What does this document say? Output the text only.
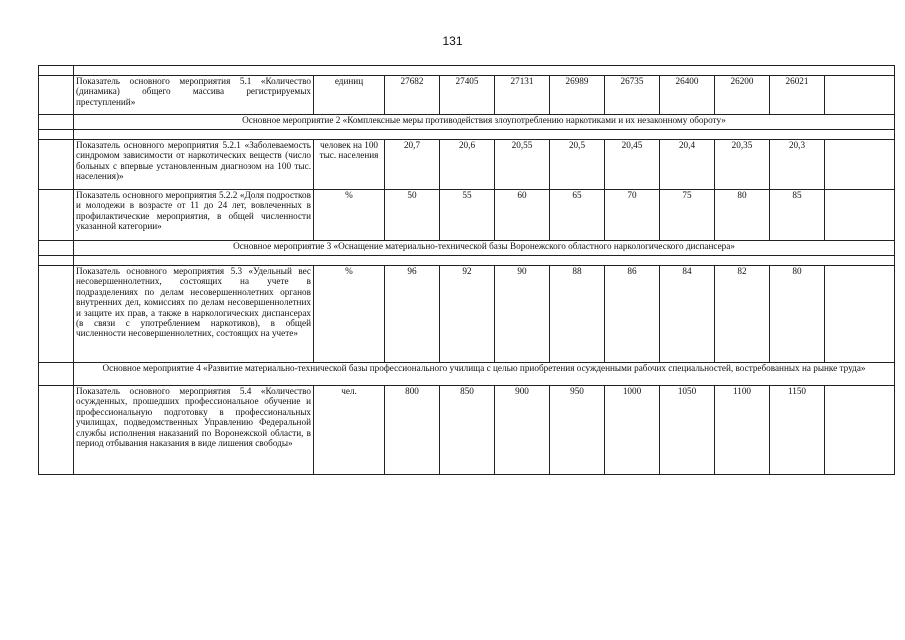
131

	Показатель основного мероприятия 5.1 «Количество (динамика) общего массива регистрируемых преступлений»	единиц	27682	27405	27131	26989	26735	26400	26200	26021	
	Основное мероприятие 2 «Комплексные меры противодействия злоупотреблению наркотиками и их незаконному обороту»										

	Показатель основного мероприятия 5.2.1 «Заболеваемость синдромом зависимости от наркотических веществ (число больных с впервые установленным диагнозом на 100 тыс. населения)»	человек на 100 тыс. населения	20,7	20,6	20,55	20,5	20,45	20,4	20,35	20,3	
	Показатель основного мероприятия 5.2.2 «Доля подростков и молодежи в возрасте от 11 до 24 лет, вовлеченных в профилактические мероприятия, в общей численности указанной категории»	%	50	55	60	65	70	75	80	85	
	Основное мероприятие 3 «Оснащение материально-технической базы Воронежского областного наркологического диспансера»										

	Показатель основного мероприятия 5.3 «Удельный вес несовершеннолетних, состоящих на учете в подразделениях по делам несовершеннолетних органов внутренних дел, комиссиях по делам несовершеннолетних и защите их прав, а также в наркологических диспансерах (в связи с употреблением наркотиков), в общей численности несовершеннолетних, состоящих на учете»	%	96	92	90	88	86	84	82	80	
	Основное мероприятие 4 «Развитие материально-технической базы профессионального училища с целью приобретения осужденными рабочих специальностей, востребованных на рынке труда»										
	Показатель основного мероприятия 5.4 «Количество осужденных, прошедших профессиональное обучение и профессиональную подготовку в профессиональных училищах, подведомственных Управлению Федеральной службы исполнения наказаний по Воронежской области, в период отбывания наказания в виде лишения свободы»	чел.	800	850	900	950	1000	1050	1100	1150	
